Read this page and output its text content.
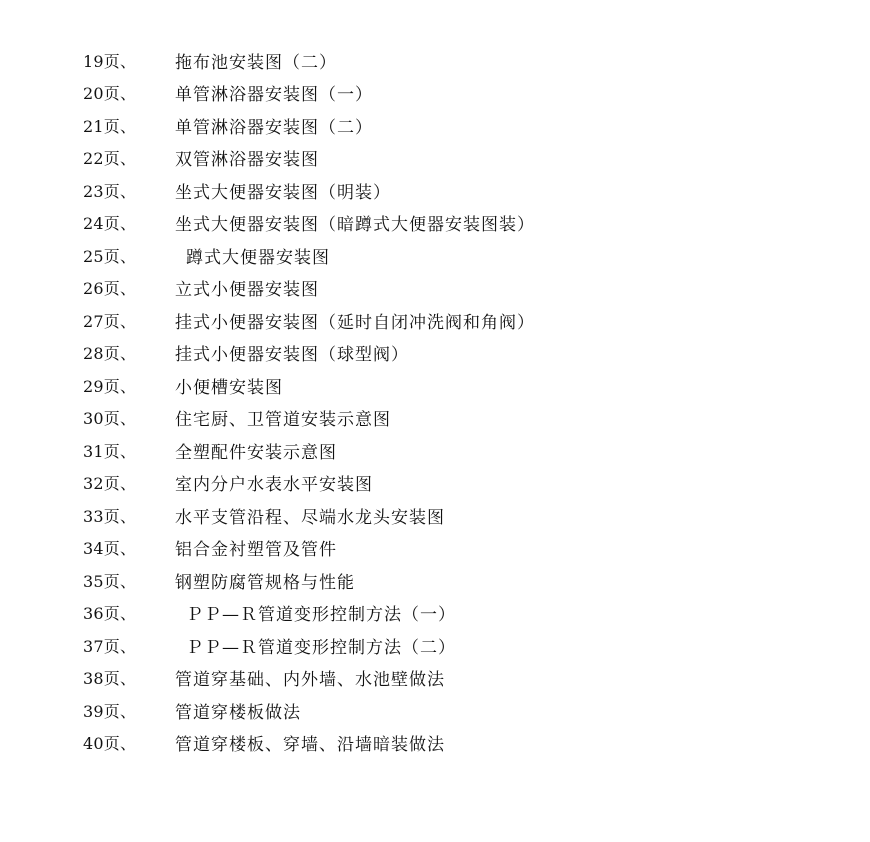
19页、	拖布池安装图（二）
20页、	单管淋浴器安装图（一）
21页、	单管淋浴器安装图（二）
22页、	双管淋浴器安装图
23页、	坐式大便器安装图（明装）
24页、	坐式大便器安装图（暗蹲式大便器安装图装）
25页、	蹲式大便器安装图
26页、	立式小便器安装图
27页、	挂式小便器安装图（延时自闭冲洗阀和角阀）
28页、	挂式小便器安装图（球型阀）
29页、	小便槽安装图
30页、	住宅厨、卫管道安装示意图
31页、	全塑配件安装示意图
32页、	室内分户水表水平安装图
33页、	水平支管沿程、尽端水龙头安装图
34页、	铝合金衬塑管及管件
35页、	钢塑防腐管规格与性能
36页、	ＰＰ—Ｒ管道变形控制方法（一）
37页、	ＰＰ—Ｒ管道变形控制方法（二）
38页、	管道穿基础、内外墙、水池壁做法
39页、	管道穿楼板做法
40页、	管道穿楼板、穿墙、沿墙暗装做法
